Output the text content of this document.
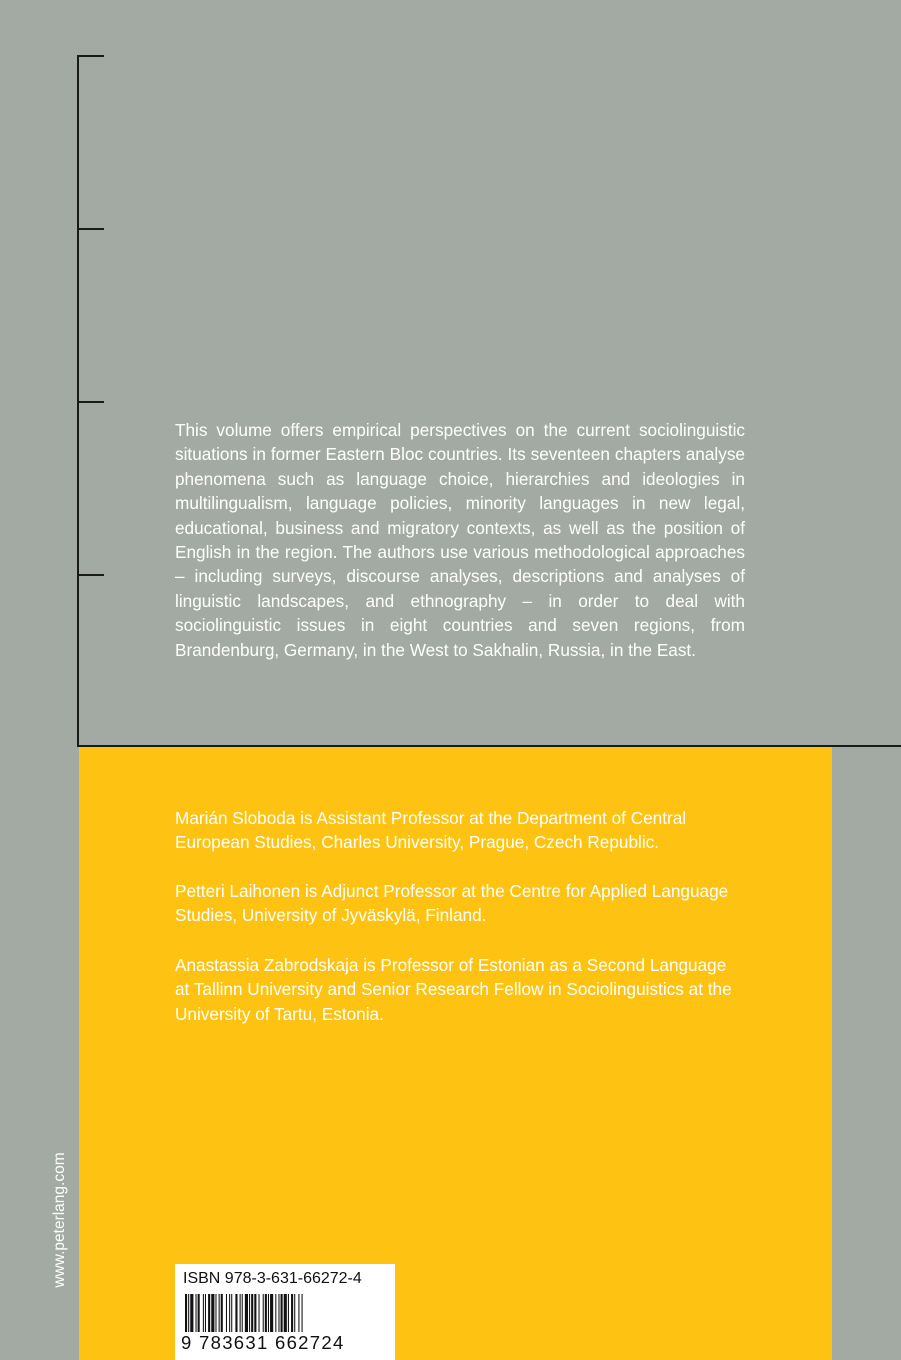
This volume offers empirical perspectives on the current sociolinguistic situations in former Eastern Bloc countries. Its seventeen chapters analyse phenomena such as language choice, hierarchies and ideologies in multilingualism, language policies, minority languages in new legal, educational, business and migratory contexts, as well as the position of English in the region. The authors use various methodological approaches – including surveys, discourse analyses, descriptions and analyses of linguistic landscapes, and ethnography – in order to deal with sociolinguistic issues in eight countries and seven regions, from Brandenburg, Germany, in the West to Sakhalin, Russia, in the East.

Marián Sloboda is Assistant Professor at the Department of Central European Studies, Charles University, Prague, Czech Republic.

Petteri Laihonen is Adjunct Professor at the Centre for Applied Language Studies, University of Jyväskylä, Finland.

Anastassia Zabrodskaja is Professor of Estonian as a Second Language at Tallinn University and Senior Research Fellow in Sociolinguistics at the University of Tartu, Estonia.

www.peterlang.com	ISBN 978-3-631-66272-4
9 783631 662724
